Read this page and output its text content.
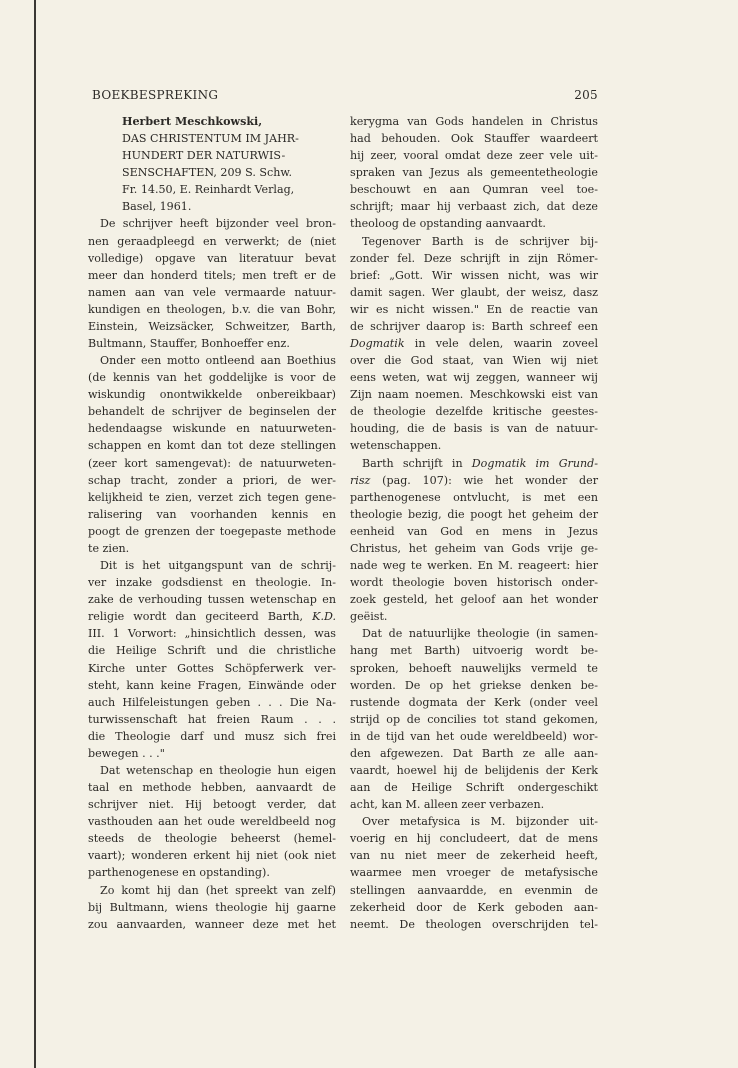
BOEKBESPREKING	205
Herbert Meschkowski,
DAS CHRISTENTUM IM JAHR-
HUNDERT DER NATURWIS-
SENSCHAFTEN, 209 S. Schw.
Fr. 14.50, E. Reinhardt Verlag,
Basel, 1961.
De schrijver heeft bijzonder veel bron-
nen geraadpleegd en verwerkt; de (niet
volledige) opgave van literatuur bevat
meer dan honderd titels; men treft er de
namen aan van vele vermaarde natuur-
kundigen en theologen, b.v. die van Bohr,
Einstein, Weizsäcker, Schweitzer, Barth,
Bultmann, Stauffer, Bonhoeffer enz.
Onder een motto ontleend aan Boethius
(de kennis van het goddelijke is voor de
wiskundig onontwikkelde onbereikbaar)
behandelt de schrijver de beginselen der
hedendaagse wiskunde en natuurweten-
schappen en komt dan tot deze stellingen
(zeer kort samengevat): de natuurweten-
schap tracht, zonder a priori, de wer-
kelijkheid te zien, verzet zich tegen gene-
ralisering van voorhanden kennis en
poogt de grenzen der toegepaste methode
te zien.
Dit is het uitgangspunt van de schrij-
ver inzake godsdienst en theologie. In-
zake de verhouding tussen wetenschap en
religie wordt dan geciteerd Barth, K.D.
III. 1 Vorwort: „hinsichtlich dessen, was
die Heilige Schrift und die christliche
Kirche unter Gottes Schöpferwerk ver-
steht, kann keine Fragen, Einwände oder
auch Hilfeleistungen geben . . . Die Na-
turwissenschaft hat freien Raum . . .
die Theologie darf und musz sich frei
bewegen . . ."
Dat wetenschap en theologie hun eigen
taal en methode hebben, aanvaardt de
schrijver niet. Hij betoogt verder, dat
vasthouden aan het oude wereldbeeld nog
steeds de theologie beheerst (hemel-
vaart); wonderen erkent hij niet (ook niet
parthenogenese en opstanding).
Zo komt hij dan (het spreekt van zelf)
bij Bultmann, wiens theologie hij gaarne
zou aanvaarden, wanneer deze met het
kerygma van Gods handelen in Christus
had behouden. Ook Stauffer waardeert
hij zeer, vooral omdat deze zeer vele uit-
spraken van Jezus als gemeentetheologie
beschouwt en aan Qumran veel toe-
schrijft; maar hij verbaast zich, dat deze
theoloog de opstanding aanvaardt.
Tegenover Barth is de schrijver bij-
zonder fel. Deze schrijft in zijn Römer-
brief: „Gott. Wir wissen nicht, was wir
damit sagen. Wer glaubt, der weisz, dasz
wir es nicht wissen." En de reactie van
de schrijver daarop is: Barth schreef een
Dogmatik in vele delen, waarin zoveel
over die God staat, van Wien wij niet
eens weten, wat wij zeggen, wanneer wij
Zijn naam noemen. Meschkowski eist van
de theologie dezelfde kritische geestes-
houding, die de basis is van de natuur-
wetenschappen.
Barth schrijft in Dogmatik im Grund-
risz (pag. 107): wie het wonder der
parthenogenese ontvlucht, is met een
theologie bezig, die poogt het geheim der
eenheid van God en mens in Jezus
Christus, het geheim van Gods vrije ge-
nade weg te werken. En M. reageert: hier
wordt theologie boven historisch onder-
zoek gesteld, het geloof aan het wonder
geëist.
Dat de natuurlijke theologie (in samen-
hang met Barth) uitvoerig wordt be-
sproken, behoeft nauwelijks vermeld te
worden. De op het griekse denken be-
rustende dogmata der Kerk (onder veel
strijd op de concilies tot stand gekomen,
in de tijd van het oude wereldbeeld) wor-
den afgewezen. Dat Barth ze alle aan-
vaardt, hoewel hij de belijdenis der Kerk
aan de Heilige Schrift ondergeschikt
acht, kan M. alleen zeer verbazen.
Over metafysica is M. bijzonder uit-
voerig en hij concludeert, dat de mens
van nu niet meer de zekerheid heeft,
waarmee men vroeger de metafysische
stellingen aanvaardde, en evenmin de
zekerheid door de Kerk geboden aan-
neemt. De theologen overschrijden tel-
